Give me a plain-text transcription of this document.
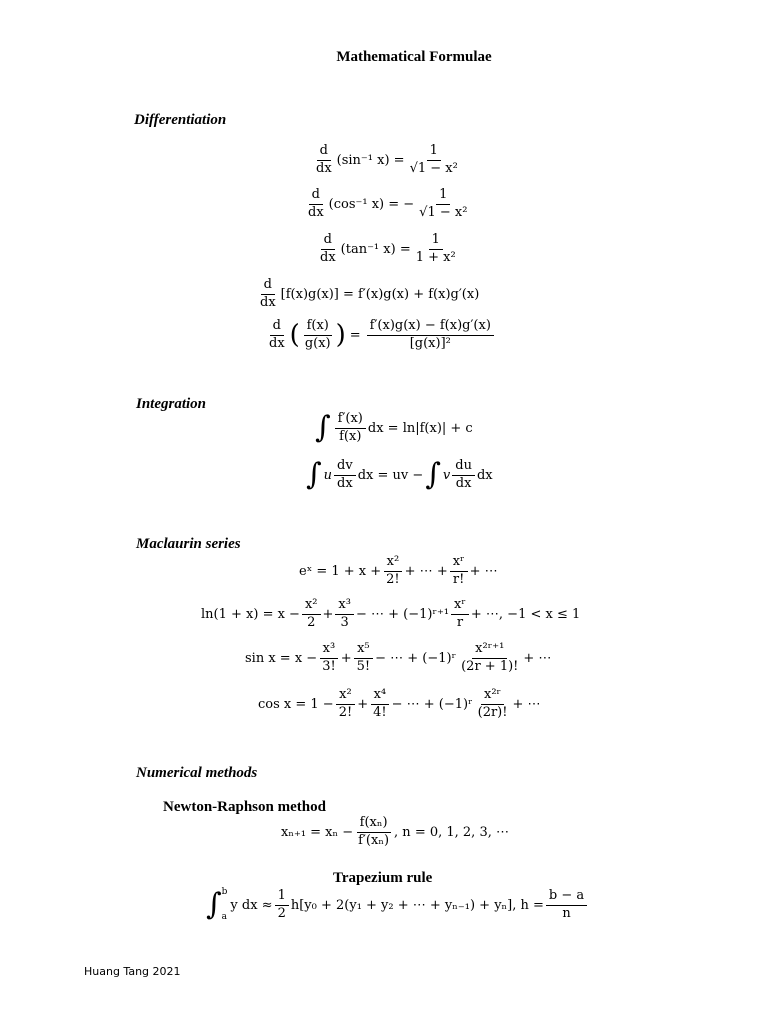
Mathematical Formulae
Differentiation
$\frac{d}{dx} (\sin^{-1}$ $x) = \frac{1}{\text{√1 − x²}}$
$\frac{d}{dx} (\cos^{-1}$ x) = − $\frac{1}{\text{√1 − x²}}$
$\frac{d}{dx} (\tan^{-1}$ $x) = \frac{1}{\text{1 + x²}}$
$\frac{d}{dx} [f(x)g(x)] = f'(x)g(x) + f(x)g'(x)$
$\frac{d}{dx}$ ( $\frac{f(x)}{g(x)}$ ) = $\frac{f'(x)g(x) - f(x)g'(x)}{\text{[g(x)]²}}$
Integration
∫ $\frac{f'(x)}{f(x)}$ dx = ln|f(x)| + c
∫ u $\frac{dv}{dx}$ dx = uv − ∫ v $\frac{du}{dx}$ dx
Maclaurin series
eˣ = $1 + x + \frac{\text{x²}}{2!}$ + ⋯ + $\frac{\text{xʳ}}{r!}$ + ⋯
$\ln(1 + x) = x - \frac{\text{x²}}{2} + \frac{\text{x³}}{3}$ − ⋯ + (−1)ʳ⁺¹ $\frac{\text{xʳ}}{r}$ + ⋯, −1 < x ≤ 1
$\sin x = x - \frac{\text{x³}}{3!} + \frac{\text{x⁵}}{5!}$ − ⋯ + (−1)ʳ $\frac{\text{x²ʳ⁺¹}}{(2r + 1)!}$ + ⋯
$\cos x = 1 - \frac{\text{x²}}{2!} + \frac{\text{x⁴}}{4!}$ − ⋯ + (−1)ʳ $\frac{\text{x²ʳ}}{(2r)!}$ + ⋯
Numerical methods
Newton-Raphson method
$x_{n+1} = x_n - \frac{\text{f(xₙ)}}{\text{f′(xₙ)}}$ , n = 0, 1, 2, 3, ⋯
Trapezium rule
∫ b
a
y dx ≈ $\frac{1}{2} h[y_0 + 2(y_1 + y_2$ + ⋯ + yₙ₋₁) + yₙ], $h = \frac{b - a}{n}$
Huang Tang 2021
